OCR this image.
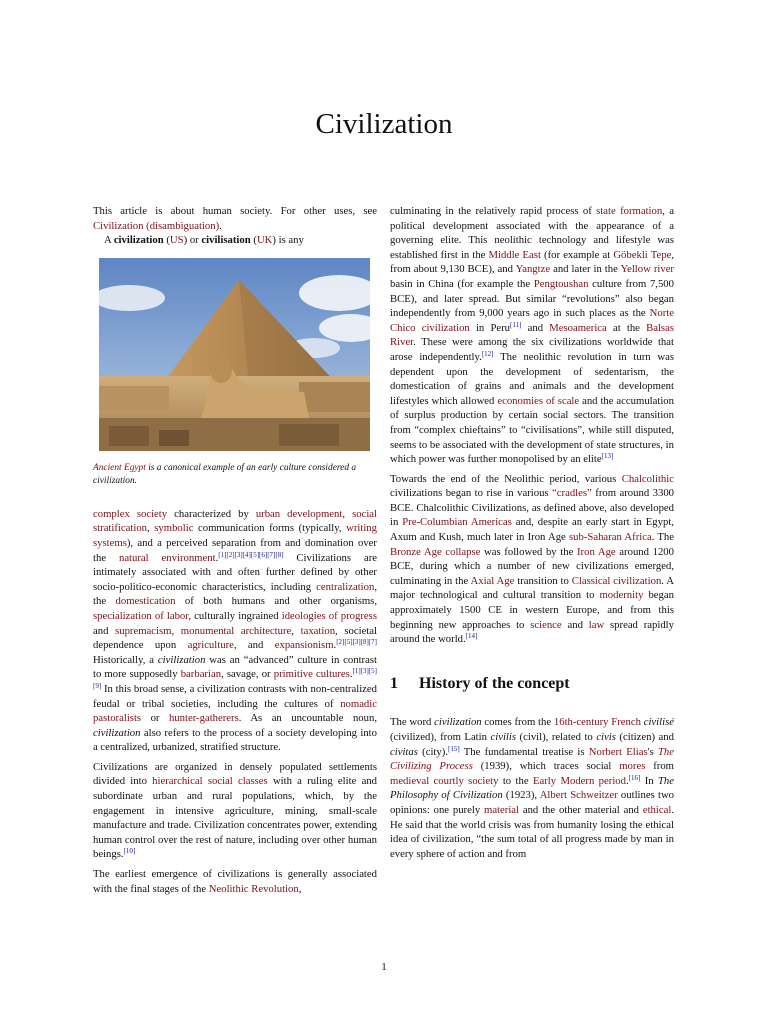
Civilization

This article is about human society. For other uses, see Civilization (disambiguation).

A civilization (US) or civilisation (UK) is any

Ancient Egypt is a canonical example of an early culture considered a civilization.

complex society characterized by urban development, social stratification, symbolic communication forms (typically, writing systems), and a perceived separation from and domination over the natural environment.[1][2][3][4][5][6][7][8] Civilizations are intimately associated with and often further defined by other socio-politico-economic characteristics, including centralization, the domestication of both humans and other organisms, specialization of labor, culturally ingrained ideologies of progress and supremacism, monumental architecture, taxation, societal dependence upon agriculture, and expansionism.[2][5][3][8][7] Historically, a civilization was an “advanced” culture in contrast to more supposedly barbarian, savage, or primitive cultures.[1][3][5][9] In this broad sense, a civilization contrasts with non-centralized feudal or tribal societies, including the cultures of nomadic pastoralists or hunter-gatherers. As an uncountable noun, civilization also refers to the process of a society developing into a centralized, urbanized, stratified structure.

Civilizations are organized in densely populated settlements divided into hierarchical social classes with a ruling elite and subordinate urban and rural populations, which, by the engagement in intensive agriculture, mining, small-scale manufacture and trade. Civilization concentrates power, extending human control over the rest of nature, including over other human beings.[10]

The earliest emergence of civilizations is generally associated with the final stages of the Neolithic Revolution,

culminating in the relatively rapid process of state formation, a political development associated with the appearance of a governing elite. This neolithic technology and lifestyle was established first in the Middle East (for example at Göbekli Tepe, from about 9,130 BCE), and Yangtze and later in the Yellow river basin in China (for example the Pengtoushan culture from 7,500 BCE), and later spread. But similar “revolutions” also began independently from 9,000 years ago in such places as the Norte Chico civilization in Peru[11] and Mesoamerica at the Balsas River. These were among the six civilizations worldwide that arose independently.[12] The neolithic revolution in turn was dependent upon the development of sedentarism, the domestication of grains and animals and the development lifestyles which allowed economies of scale and the accumulation of surplus production by certain social sectors. The transition from “complex chieftains” to “civilisations”, while still disputed, seems to be associated with the development of state structures, in which power was further monopolised by an elite[13]

Towards the end of the Neolithic period, various Chalcolithic civilizations began to rise in various “cradles” from around 3300 BCE. Chalcolithic Civilizations, as defined above, also developed in Pre-Columbian Americas and, despite an early start in Egypt, Axum and Kush, much later in Iron Age sub-Saharan Africa. The Bronze Age collapse was followed by the Iron Age around 1200 BCE, during which a number of new civilizations emerged, culminating in the Axial Age transition to Classical civilization. A major technological and cultural transition to modernity began approximately 1500 CE in western Europe, and from this beginning new approaches to science and law spread rapidly around the world.[14]

1 History of the concept

The word civilization comes from the 16th-century French civilisé (civilized), from Latin civilis (civil), related to civis (citizen) and civitas (city).[15] The fundamental treatise is Norbert Elias's The Civilizing Process (1939), which traces social mores from medieval courtly society to the Early Modern period.[16] In The Philosophy of Civilization (1923), Albert Schweitzer outlines two opinions: one purely material and the other material and ethical. He said that the world crisis was from humanity losing the ethical idea of civilization, “the sum total of all progress made by man in every sphere of action and from

1
